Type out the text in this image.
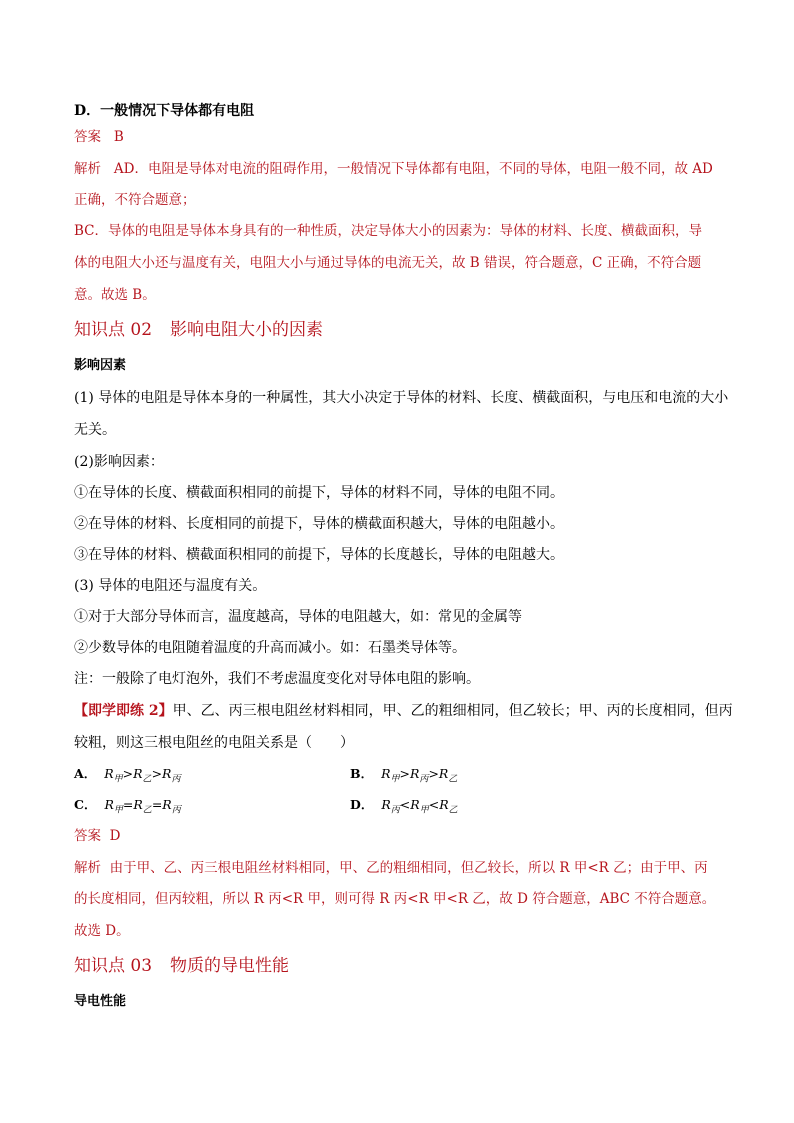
D．一般情况下导体都有电阻
答案 B
解析 AD．电阻是导体对电流的阻碍作用，一般情况下导体都有电阻，不同的导体，电阻一般不同，故 AD
正确，不符合题意；
BC．导体的电阻是导体本身具有的一种性质，决定导体大小的因素为：导体的材料、长度、横截面积，导
体的电阻大小还与温度有关，电阻大小与通过导体的电流无关，故 B 错误，符合题意，C 正确，不符合题
意。故选 B。
知识点 02 影响电阻大小的因素
影响因素
(1) 导体的电阻是导体本身的一种属性，其大小决定于导体的材料、长度、横截面积，与电压和电流的大小
无关。
(2)影响因素：
①在导体的长度、横截面积相同的前提下，导体的材料不同，导体的电阻不同。
②在导体的材料、长度相同的前提下，导体的横截面积越大，导体的电阻越小。
③在导体的材料、横截面积相同的前提下，导体的长度越长，导体的电阻越大。
(3) 导体的电阻还与温度有关。
①对于大部分导体而言，温度越高，导体的电阻越大，如：常见的金属等
②少数导体的电阻随着温度的升高而减小。如：石墨类导体等。
注：一般除了电灯泡外，我们不考虑温度变化对导体电阻的影响。
【即学即练 2】甲、乙、丙三根电阻丝材料相同，甲、乙的粗细相同，但乙较长；甲、丙的长度相同，但丙
较粗，则这三根电阻丝的电阻关系是（　　）
A． $R_甲>R_乙>R_丙$	B． $R_甲>R_丙>R_乙$
C． $R_甲=R_乙=R_丙$	D． $R_丙<R_甲<R_乙$
答案 D
解析 由于甲、乙、丙三根电阻丝材料相同，甲、乙的粗细相同，但乙较长，所以 R 甲<R 乙；由于甲、丙
的长度相同，但丙较粗，所以 R 丙<R 甲，则可得 R 丙<R 甲<R 乙，故 D 符合题意，ABC 不符合题意。
故选 D。
知识点 03 物质的导电性能
导电性能
